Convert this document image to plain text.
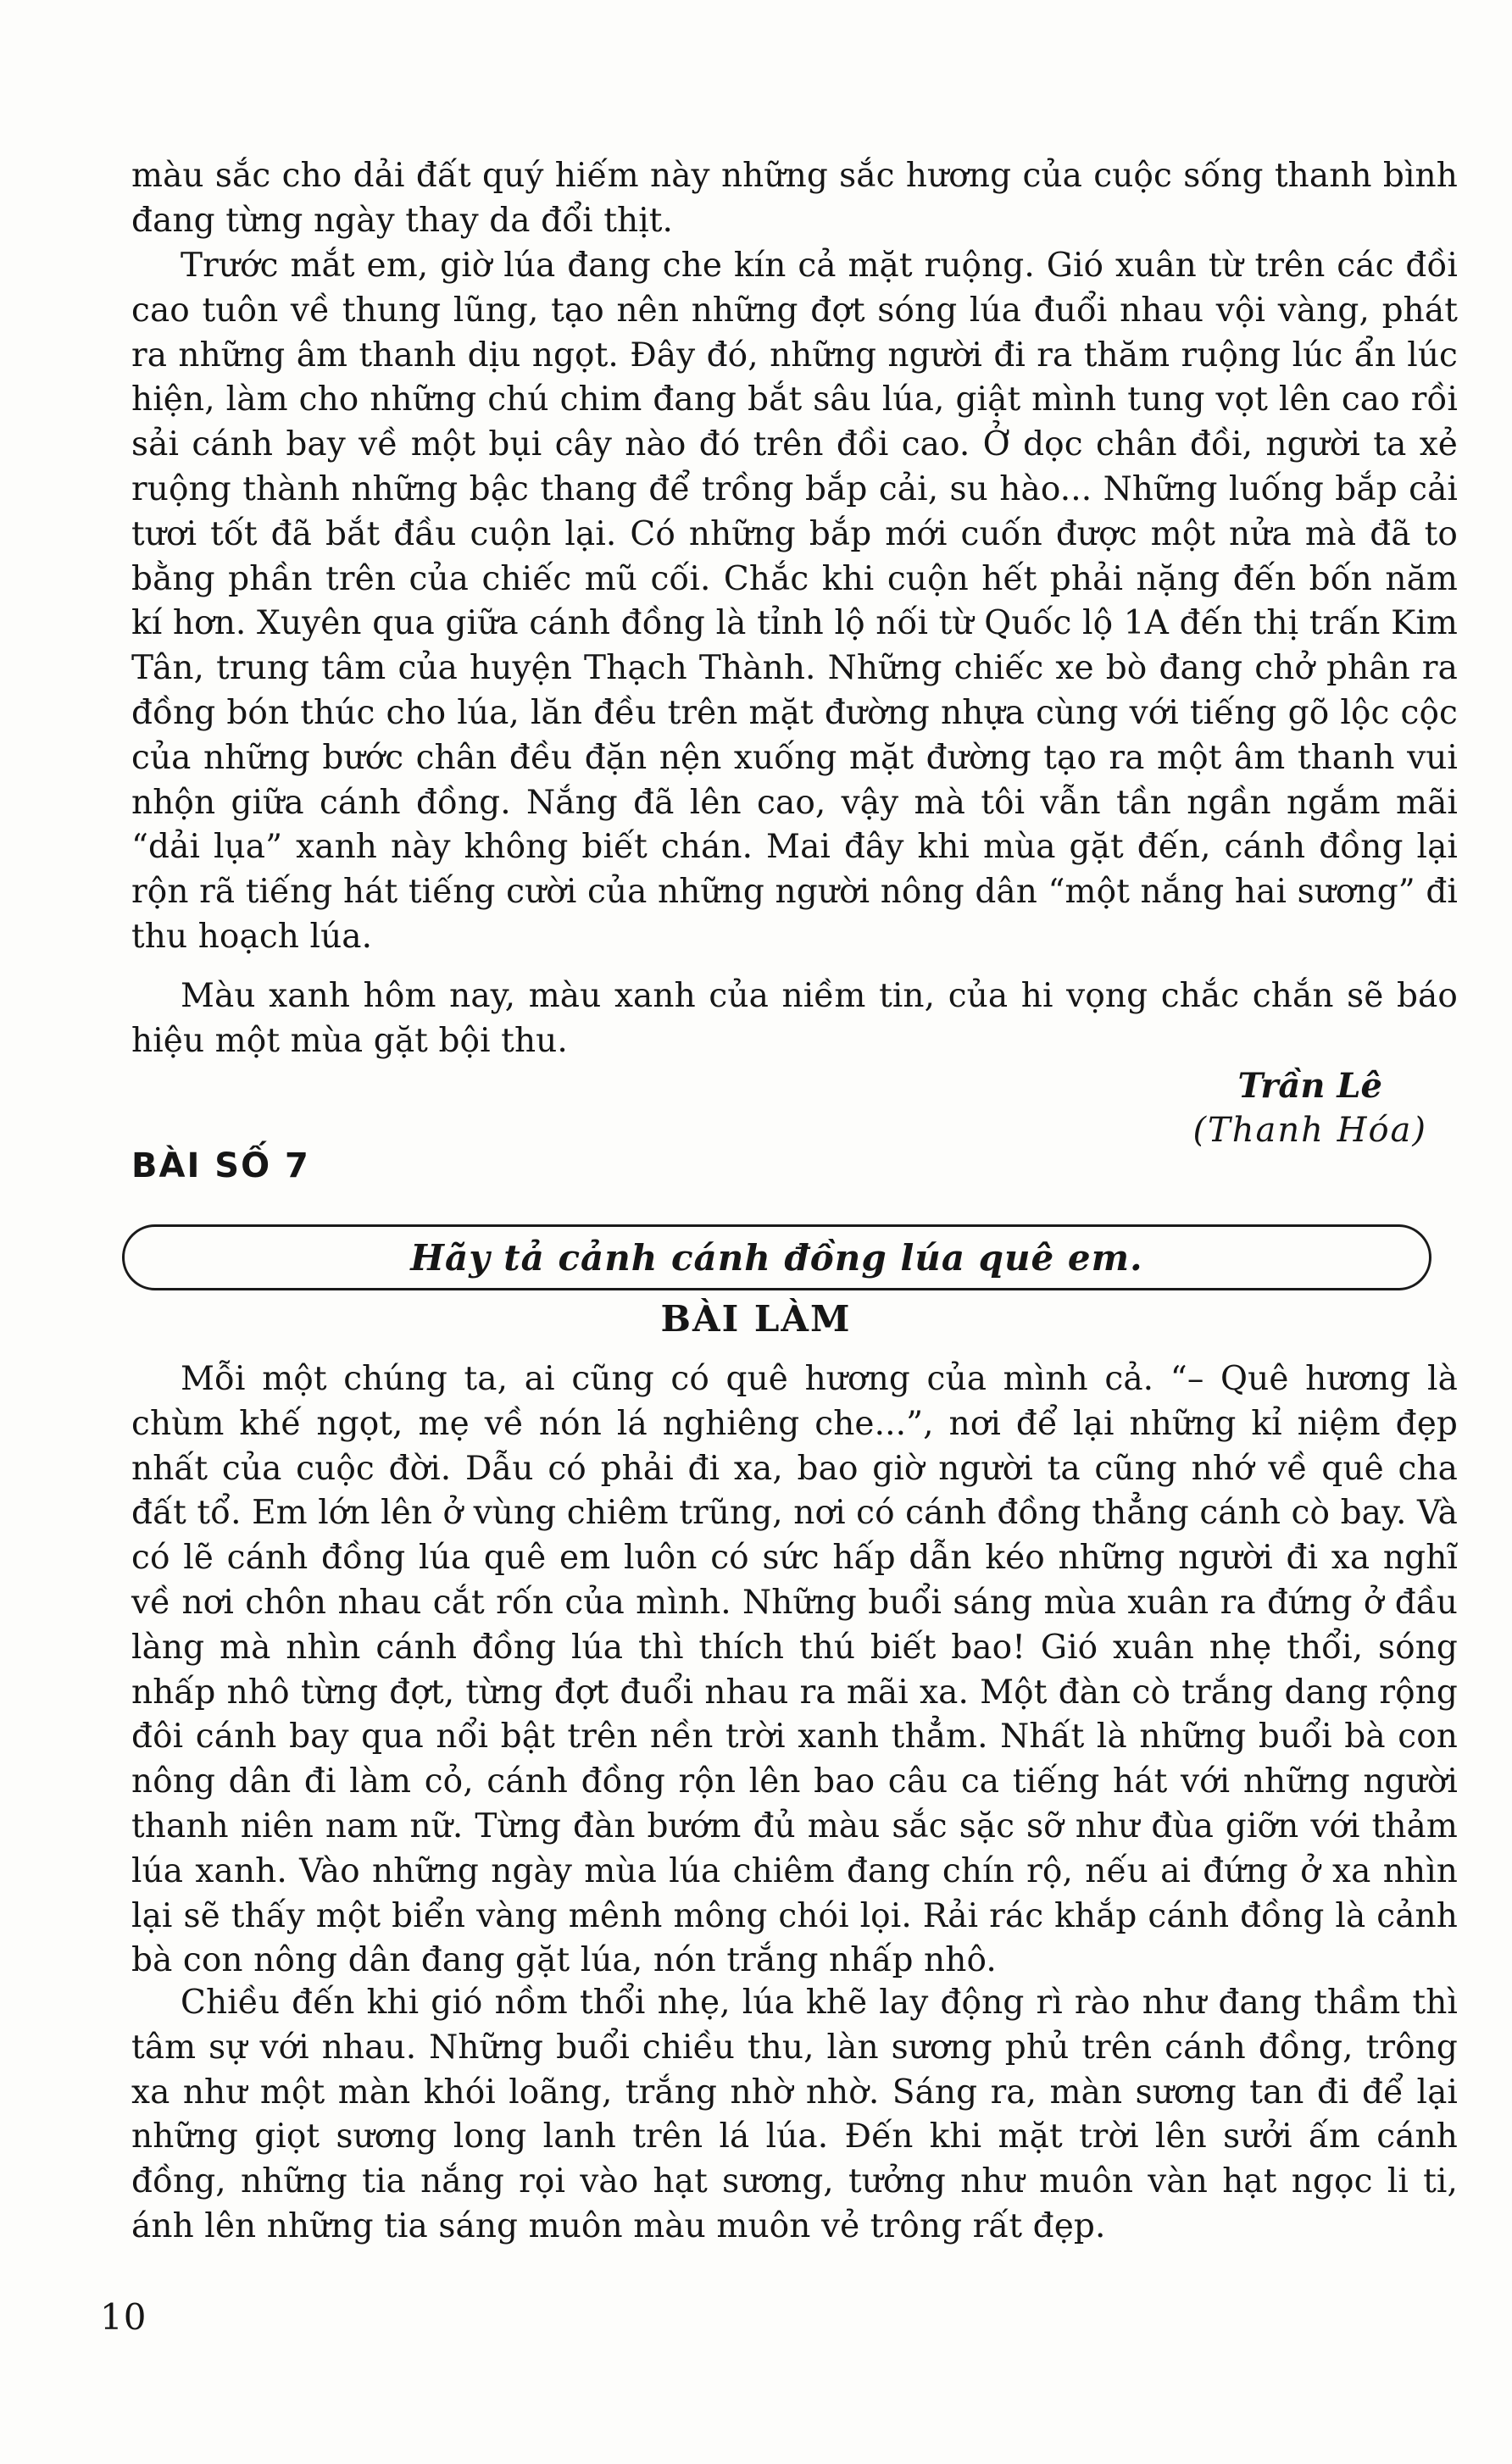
màu sắc cho dải đất quý hiếm này những sắc hương của cuộc sống thanh bình đang từng ngày thay da đổi thịt.

Trước mắt em, giờ lúa đang che kín cả mặt ruộng. Gió xuân từ trên các đồi cao tuôn về thung lũng, tạo nên những đợt sóng lúa đuổi nhau vội vàng, phát ra những âm thanh dịu ngọt. Đây đó, những người đi ra thăm ruộng lúc ẩn lúc hiện, làm cho những chú chim đang bắt sâu lúa, giật mình tung vọt lên cao rồi sải cánh bay về một bụi cây nào đó trên đồi cao. Ở dọc chân đồi, người ta xẻ ruộng thành những bậc thang để trồng bắp cải, su hào... Những luống bắp cải tươi tốt đã bắt đầu cuộn lại. Có những bắp mới cuốn được một nửa mà đã to bằng phần trên của chiếc mũ cối. Chắc khi cuộn hết phải nặng đến bốn năm kí hơn. Xuyên qua giữa cánh đồng là tỉnh lộ nối từ Quốc lộ 1A đến thị trấn Kim Tân, trung tâm của huyện Thạch Thành. Những chiếc xe bò đang chở phân ra đồng bón thúc cho lúa, lăn đều trên mặt đường nhựa cùng với tiếng gõ lộc cộc của những bước chân đều đặn nện xuống mặt đường tạo ra một âm thanh vui nhộn giữa cánh đồng. Nắng đã lên cao, vậy mà tôi vẫn tần ngần ngắm mãi “dải lụa” xanh này không biết chán. Mai đây khi mùa gặt đến, cánh đồng lại rộn rã tiếng hát tiếng cười của những người nông dân “một nắng hai sương” đi thu hoạch lúa.

Màu xanh hôm nay, màu xanh của niềm tin, của hi vọng chắc chắn sẽ báo hiệu một mùa gặt bội thu.

Trần Lê
(Thanh Hóa)
BÀI SỐ 7
Hãy tả cảnh cánh đồng lúa quê em.
BÀI LÀM

Mỗi một chúng ta, ai cũng có quê hương của mình cả. “– Quê hương là chùm khế ngọt, mẹ về nón lá nghiêng che...”, nơi để lại những kỉ niệm đẹp nhất của cuộc đời. Dẫu có phải đi xa, bao giờ người ta cũng nhớ về quê cha đất tổ. Em lớn lên ở vùng chiêm trũng, nơi có cánh đồng thẳng cánh cò bay. Và có lẽ cánh đồng lúa quê em luôn có sức hấp dẫn kéo những người đi xa nghĩ về nơi chôn nhau cắt rốn của mình. Những buổi sáng mùa xuân ra đứng ở đầu làng mà nhìn cánh đồng lúa thì thích thú biết bao! Gió xuân nhẹ thổi, sóng nhấp nhô từng đợt, từng đợt đuổi nhau ra mãi xa. Một đàn cò trắng dang rộng đôi cánh bay qua nổi bật trên nền trời xanh thẳm. Nhất là những buổi bà con nông dân đi làm cỏ, cánh đồng rộn lên bao câu ca tiếng hát với những người thanh niên nam nữ. Từng đàn bướm đủ màu sắc sặc sỡ như đùa giỡn với thảm lúa xanh. Vào những ngày mùa lúa chiêm đang chín rộ, nếu ai đứng ở xa nhìn lại sẽ thấy một biển vàng mênh mông chói lọi. Rải rác khắp cánh đồng là cảnh bà con nông dân đang gặt lúa, nón trắng nhấp nhô.

Chiều đến khi gió nồm thổi nhẹ, lúa khẽ lay động rì rào như đang thầm thì tâm sự với nhau. Những buổi chiều thu, làn sương phủ trên cánh đồng, trông xa như một màn khói loãng, trắng nhờ nhờ. Sáng ra, màn sương tan đi để lại những giọt sương long lanh trên lá lúa. Đến khi mặt trời lên sưởi ấm cánh đồng, những tia nắng rọi vào hạt sương, tưởng như muôn vàn hạt ngọc li ti, ánh lên những tia sáng muôn màu muôn vẻ trông rất đẹp.

10
